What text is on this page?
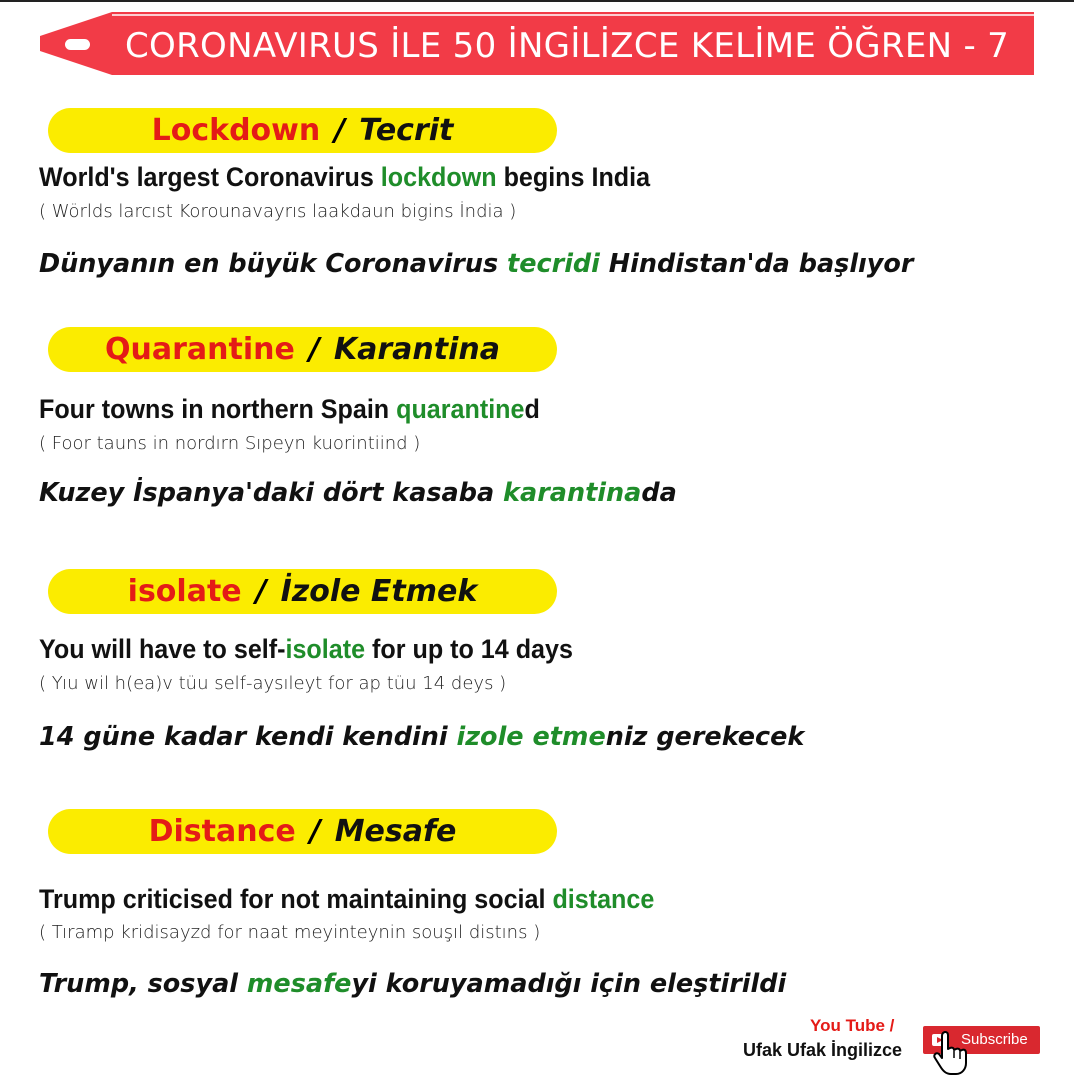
CORONAVIRUS İLE 50 İNGİLİZCE KELİME ÖĞREN - 7
Lockdown / Tecrit
World's largest Coronavirus lockdown begins India
( Wörlds larcıst Korounavayrıs laakdaun bigins İndia )
Dünyanın en büyük Coronavirus tecridi Hindistan'da başlıyor
Quarantine / Karantina
Four towns in northern Spain quarantined
( Foor tauns in nordırn Sıpeyn kuorintiind )
Kuzey İspanya'daki dört kasaba karantinada
isolate / İzole Etmek
You will have to self-isolate for up to 14 days
( Yıu wil h(ea)v tüu self-aysıleyt for ap tüu 14 deys )
14 güne kadar kendi kendini izole etmeniz gerekecek
Distance / Mesafe
Trump criticised for not maintaining social distance
( Tıramp kridisayzd for naat meyinteynin souşıl distıns )
Trump, sosyal mesafeyi koruyamadığı için eleştirildi
You Tube /
Ufak Ufak İngilizce
Subscribe
